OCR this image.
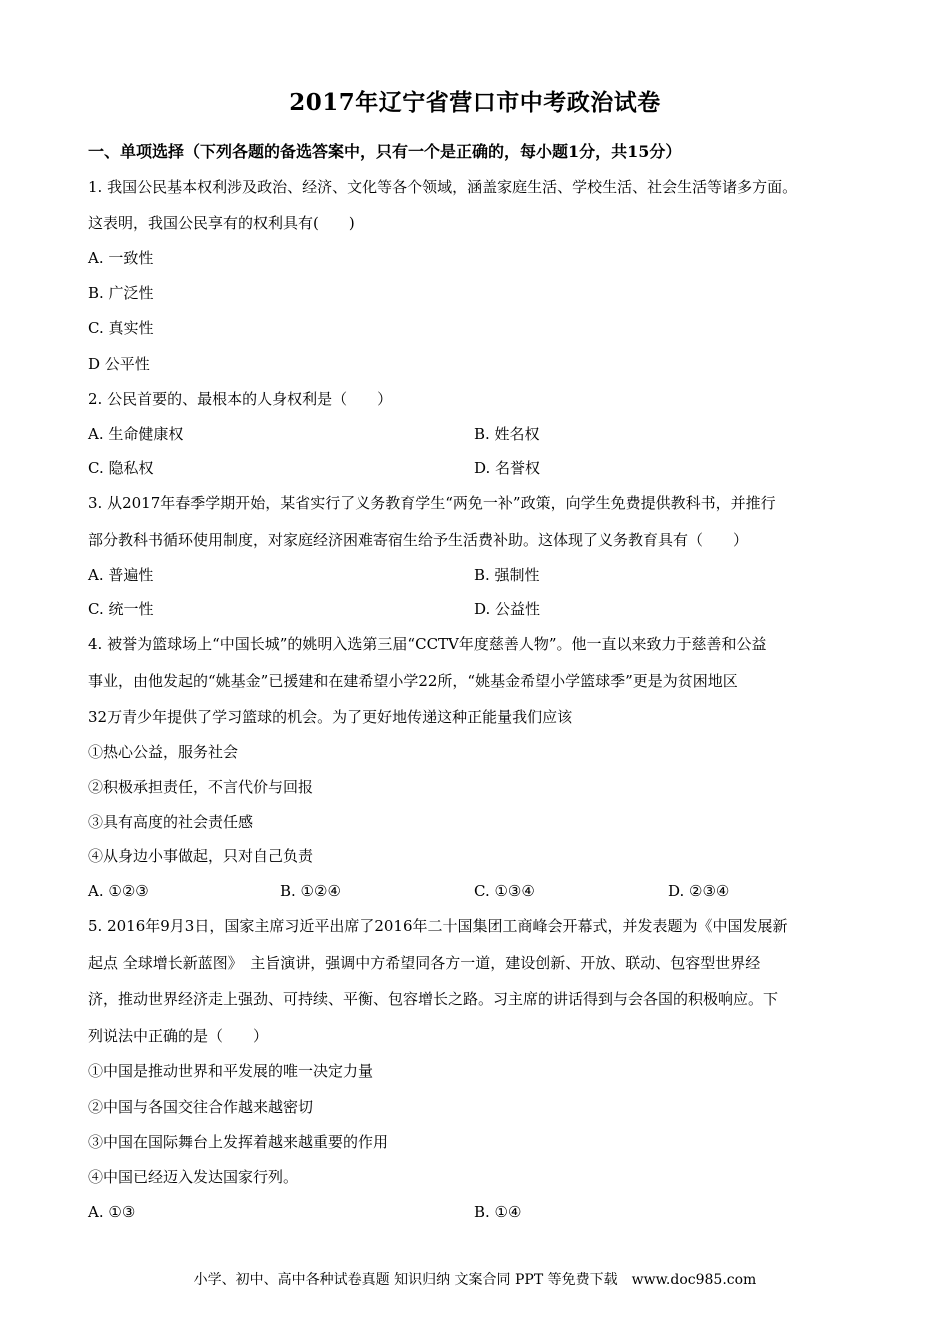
2017年辽宁省营口市中考政治试卷
一、单项选择（下列各题的备选答案中，只有一个是正确的，每小题1分，共15分）
1. 我国公民基本权利涉及政治、经济、文化等各个领域，涵盖家庭生活、学校生活、社会生活等诸多方面。
这表明，我国公民享有的权利具有(　　)
A. 一致性
B. 广泛性
C. 真实性
D 公平性
2. 公民首要的、最根本的人身权利是（　　）
A. 生命健康权	B. 姓名权
C. 隐私权	D. 名誉权
3. 从2017年春季学期开始，某省实行了义务教育学生“两免一补”政策，向学生免费提供教科书，并推行
部分教科书循环使用制度，对家庭经济困难寄宿生给予生活费补助。这体现了义务教育具有（　　）
A. 普遍性	B. 强制性
C. 统一性	D. 公益性
4. 被誉为篮球场上“中国长城”的姚明入选第三届“CCTV年度慈善人物”。他一直以来致力于慈善和公益
事业，由他发起的“姚基金”已援建和在建希望小学22所，“姚基金希望小学篮球季”更是为贫困地区
32万青少年提供了学习篮球的机会。为了更好地传递这种正能量我们应该
①热心公益，服务社会
②积极承担责任，不言代价与回报
③具有高度的社会责任感
④从身边小事做起，只对自己负责
A. ①②③	B. ①②④	C. ①③④	D. ②③④
5. 2016年9月3日，国家主席习近平出席了2016年二十国集团工商峰会开幕式，并发表题为《中国发展新
起点 全球增长新蓝图》　主旨演讲，强调中方希望同各方一道，建设创新、开放、联动、包容型世界经
济，推动世界经济走上强劲、可持续、平衡、包容增长之路。习主席的讲话得到与会各国的积极响应。下
列说法中正确的是（　　）
①中国是推动世界和平发展的唯一决定力量
②中国与各国交往合作越来越密切
③中国在国际舞台上发挥着越来越重要的作用
④中国已经迈入发达国家行列。
A. ①③	B. ①④
小学、初中、高中各种试卷真题 知识归纳 文案合同 PPT 等免费下载　www.doc985.com
